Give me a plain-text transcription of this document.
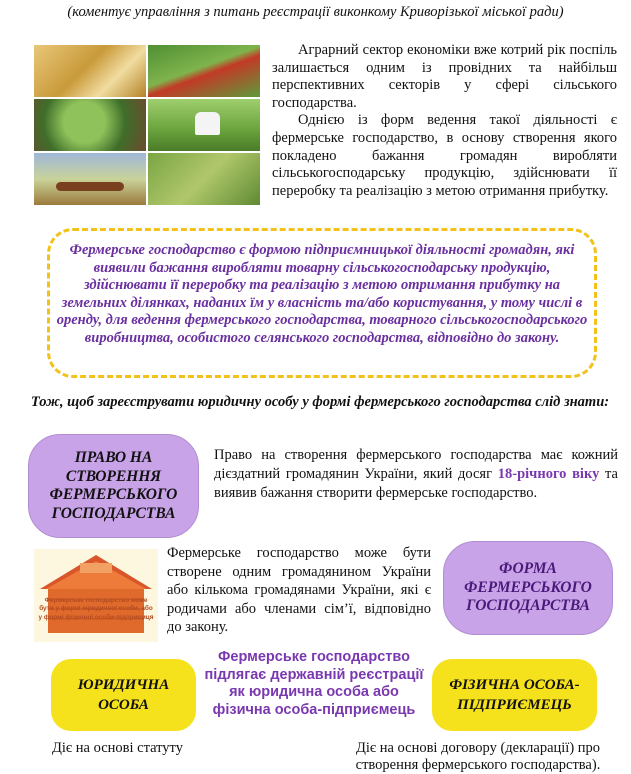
(коментує управління з питань реєстрації виконкому Криворізької міської ради)

Аграрний сектор економіки вже котрий рік поспіль залишається одним із провідних та найбільш перспективних секторів у сфері сільського господарства.

Однією із форм ведення такої діяльності є фермерське господарство, в основу створення якого покладено бажання громадян виробляти сільськогосподарську продукцію, здійснювати її переробку та реалізацію з метою отримання прибутку.

Фермерське господарство є формою підприємницької діяльності громадян, які виявили бажання виробляти товарну сільськогосподарську продукцію, здійснювати її переробку та реалізацію з метою отримання прибутку на земельних ділянках, наданих їм у власність та/або користування, у тому числі в оренду, для ведення фермерського господарства, товарного сільськогосподарського виробництва, особистого селянського господарства, відповідно до закону.
Тож, щоб зареєструвати юридичну особу у формі фермерського господарства слід знати:
ПРАВО НА
СТВОРЕННЯ
ФЕРМЕРСЬКОГО
ГОСПОДАРСТВА
Право на створення фермерського господарства має кожний дієздатний громадянин України, який досяг 18-річного віку та виявив бажання створити фермерське господарство.
Фермерське господарство може бути у формі юридичної особи, або у формі фізичної особи-підприємця
Фермерське господарство може бути створене одним громадянином України або кількома громадянами України, які є родичами або членами сім’ї, відповідно до закону.
ФОРМА
ФЕРМЕРСЬКОГО
ГОСПОДАРСТВА
ЮРИДИЧНА
ОСОБА
Фермерське господарство підлягає державній реєстрації як юридична особа або фізична особа-підприємець
ФІЗИЧНА ОСОБА-
ПІДПРИЄМЕЦЬ
Діє на основі статуту	Діє на основі договору (декларації) про створення фермерського господарства).
